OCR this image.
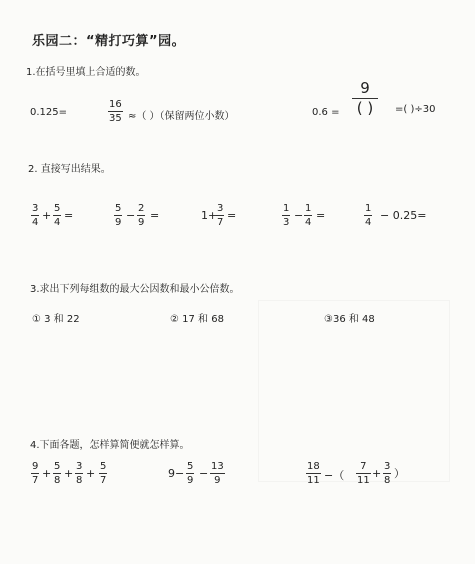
乐园二：“精打巧算”园。
1.在括号里填上合适的数。
0.125=
16
35 ≈（ ）（保留两位小数）	0.6 =
9
( ) =( )÷30
2. 直接写出结果。
3
4
+
5
4
=
5
9
−
2
9
=	1+
3
7
=
1
3
−
1
4
=
1
4
− 0.25=
3.求出下列每组数的最大公因数和最小公倍数。
① 3 和 22	② 17 和 68	③36 和 48
4.下面各题，怎样算简便就怎样算。
9
7
+
5
8
+
3
8
+
5
7
9−
5
9
−
13
9
18
11 −（
7
11
+
3
8
）
